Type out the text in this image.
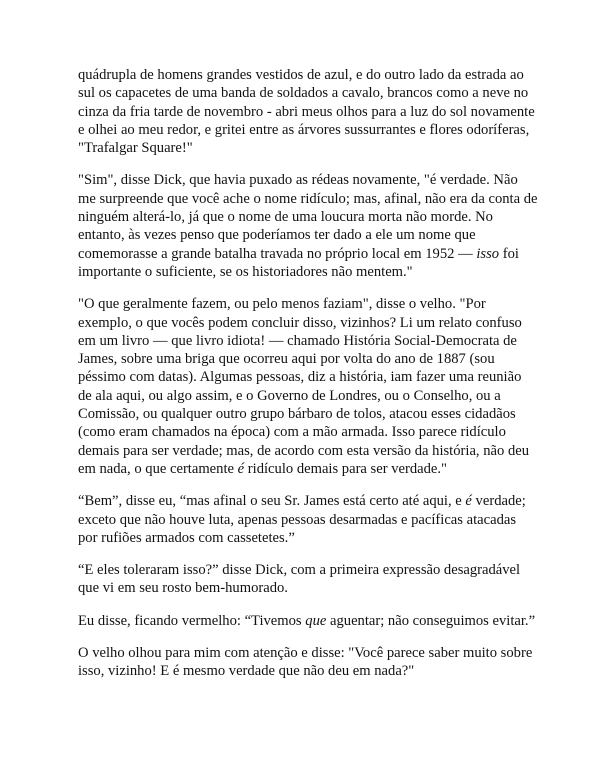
quádrupla de homens grandes vestidos de azul, e do outro lado da estrada ao sul os capacetes de uma banda de soldados a cavalo, brancos como a neve no cinza da fria tarde de novembro - abri meus olhos para a luz do sol novamente e olhei ao meu redor, e gritei entre as árvores sussurrantes e flores odoríferas, "Trafalgar Square!"

"Sim", disse Dick, que havia puxado as rédeas novamente, "é verdade. Não me surpreende que você ache o nome ridículo; mas, afinal, não era da conta de ninguém alterá-lo, já que o nome de uma loucura morta não morde. No entanto, às vezes penso que poderíamos ter dado a ele um nome que comemorasse a grande batalha travada no próprio local em 1952 — isso foi importante o suficiente, se os historiadores não mentem."

"O que geralmente fazem, ou pelo menos faziam", disse o velho. "Por exemplo, o que vocês podem concluir disso, vizinhos? Li um relato confuso em um livro — que livro idiota! — chamado História Social-Democrata de James, sobre uma briga que ocorreu aqui por volta do ano de 1887 (sou péssimo com datas). Algumas pessoas, diz a história, iam fazer uma reunião de ala aqui, ou algo assim, e o Governo de Londres, ou o Conselho, ou a Comissão, ou qualquer outro grupo bárbaro de tolos, atacou esses cidadãos (como eram chamados na época) com a mão armada. Isso parece ridículo demais para ser verdade; mas, de acordo com esta versão da história, não deu em nada, o que certamente é ridículo demais para ser verdade."

“Bem”, disse eu, “mas afinal o seu Sr. James está certo até aqui, e é verdade; exceto que não houve luta, apenas pessoas desarmadas e pacíficas atacadas por rufiões armados com cassetetes.”

“E eles toleraram isso?” disse Dick, com a primeira expressão desagradável que vi em seu rosto bem-humorado.

Eu disse, ficando vermelho: “Tivemos que aguentar; não conseguimos evitar.”

O velho olhou para mim com atenção e disse: "Você parece saber muito sobre isso, vizinho! E é mesmo verdade que não deu em nada?"
